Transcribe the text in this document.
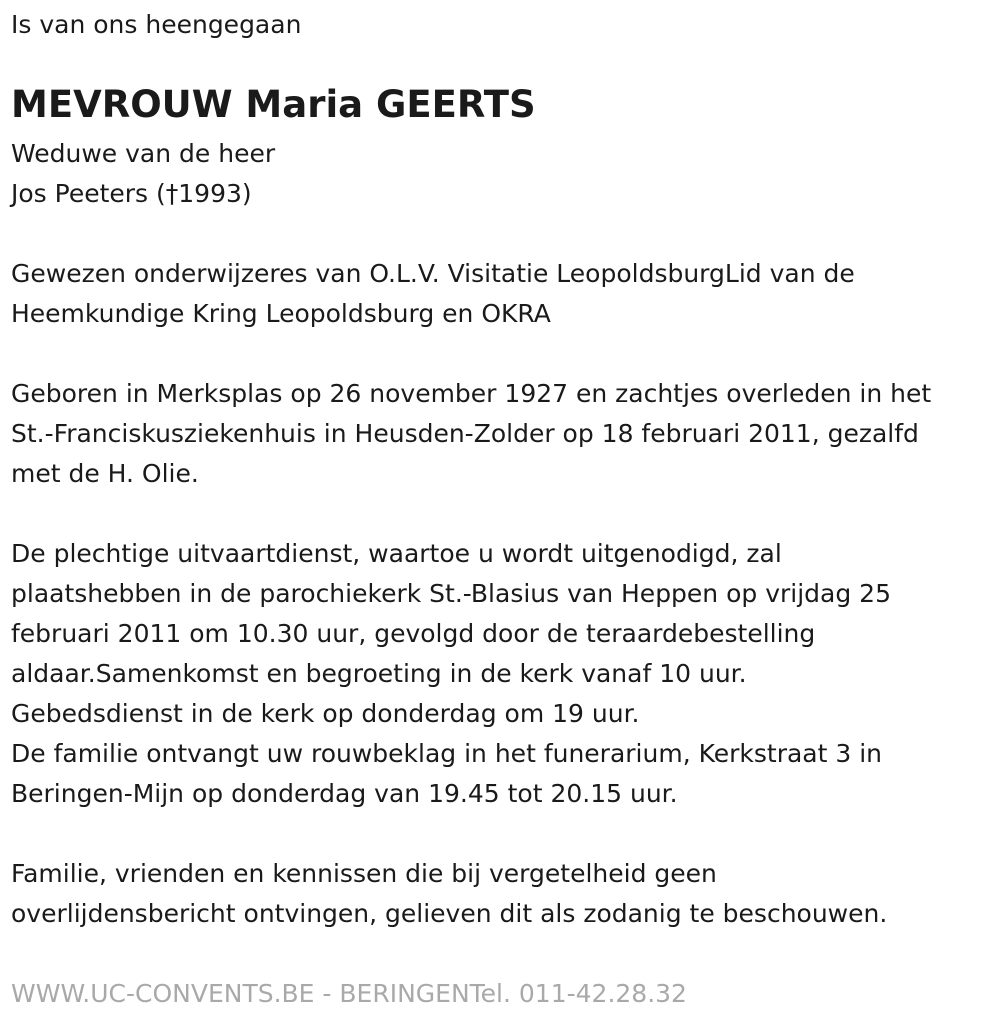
Is van ons heengegaan

MEVROUW Maria GEERTS

Weduwe van de heer

Jos Peeters (†1993)

Gewezen onderwijzeres van O.L.V. Visitatie LeopoldsburgLid van de

Heemkundige Kring Leopoldsburg en OKRA

Geboren in Merksplas op 26 november 1927 en zachtjes overleden in het

St.-Franciskusziekenhuis in Heusden-Zolder op 18 februari 2011, gezalfd

met de H. Olie.

De plechtige uitvaartdienst, waartoe u wordt uitgenodigd, zal

plaatshebben in de parochiekerk St.-Blasius van Heppen op vrijdag 25

februari 2011 om 10.30 uur, gevolgd door de teraardebestelling

aldaar.Samenkomst en begroeting in de kerk vanaf 10 uur.

Gebedsdienst in de kerk op donderdag om 19 uur.

De familie ontvangt uw rouwbeklag in het funerarium, Kerkstraat 3 in

Beringen-Mijn op donderdag van 19.45 tot 20.15 uur.

Familie, vrienden en kennissen die bij vergetelheid geen

overlijdensbericht ontvingen, gelieven dit als zodanig te beschouwen.

WWW.UC-CONVENTS.BE - BERINGENTel. 011-42.28.32
